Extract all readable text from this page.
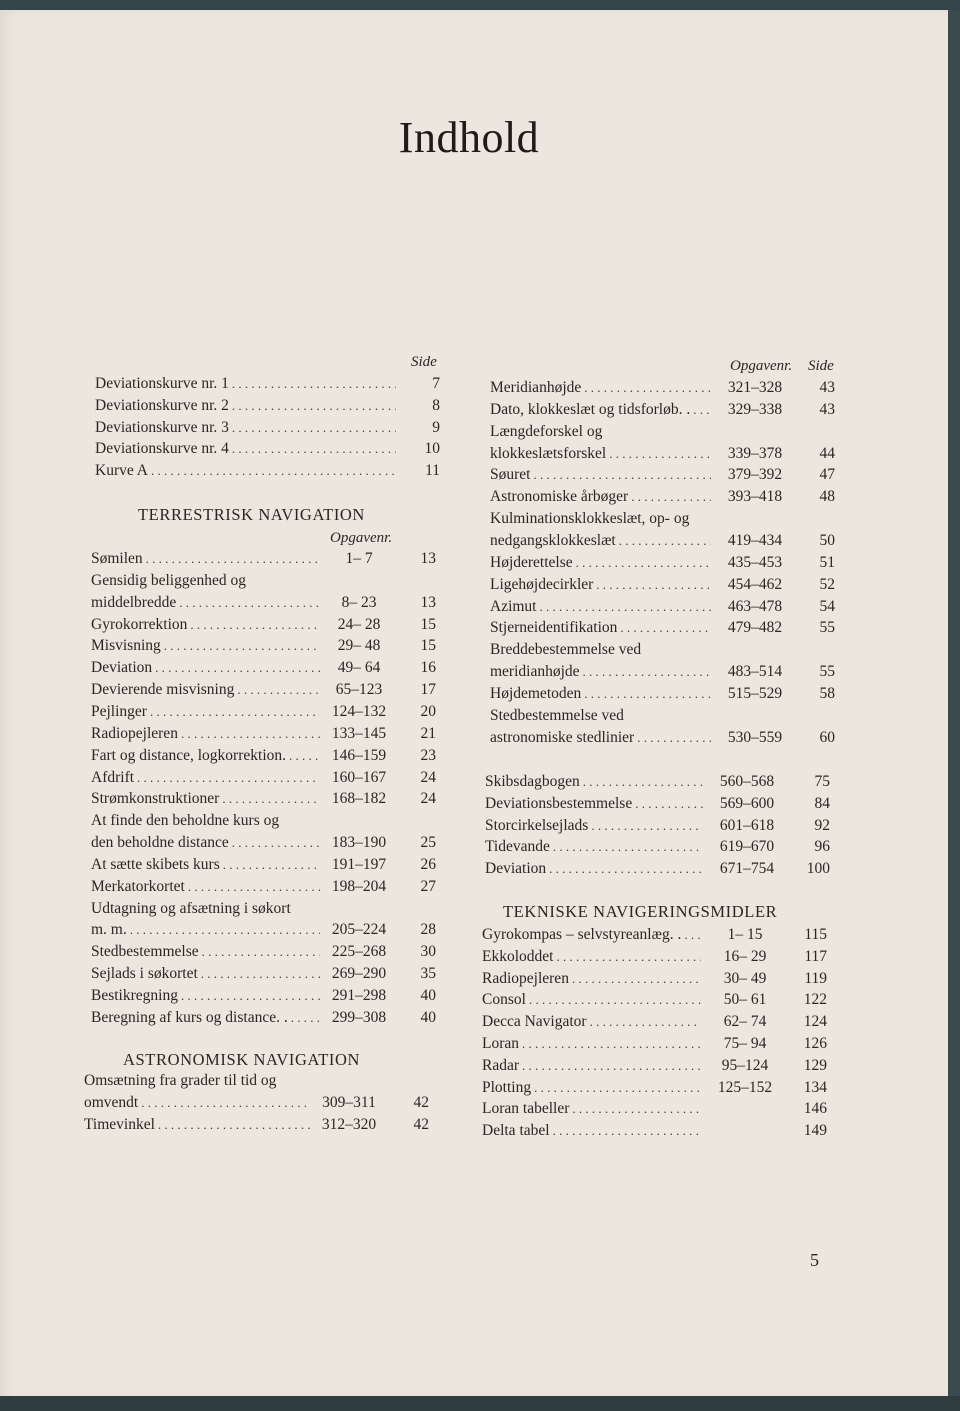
Indhold
Side
Deviationskurve nr. 1 . . .	7
Deviationskurve nr. 2 . . .	8
Deviationskurve nr. 3 . . .	9
Deviationskurve nr. 4 . . .	10
Kurve A . . .	11
TERRESTRISK NAVIGATION
Opgavenr.
Sømilen . . .	1– 7	13
Gensidig beliggenhed og
middelbredde . . .	8– 23	13
Gyrokorrektion . . .	24– 28	15
Misvisning . . .	29– 48	15
Deviation . . .	49– 64	16
Devierende misvisning . . .	65–123	17
Pejlinger . . .	124–132	20
Radiopejleren . . .	133–145	21
Fart og distance, logkorrektion. . . .	146–159	23
Afdrift . . .	160–167	24
Strømkonstruktioner . . .	168–182	24
At finde den beholdne kurs og
den beholdne distance . . .	183–190	25
At sætte skibets kurs . . .	191–197	26
Merkatorkortet . . .	198–204	27
Udtagning og afsætning i søkort
m. m. . . .	205–224	28
Stedbestemmelse . . .	225–268	30
Sejlads i søkortet . . .	269–290	35
Bestikregning . . .	291–298	40
Beregning af kurs og distance. . . . .	299–308	40
ASTRONOMISK NAVIGATION
Omsætning fra grader til tid og
omvendt . . .	309–311	42
Timevinkel . . .	312–320	42
Opgavenr. Side
Meridianhøjde . . .	321–328	43
Dato, klokkeslæt og tidsforløb. . . . .	329–338	43
Længdeforskel og
klokkeslætsforskel . . .	339–378	44
Søuret . . .	379–392	47
Astronomiske årbøger . . .	393–418	48
Kulminationsklokkeslæt, op- og
nedgangsklokkeslæt . . .	419–434	50
Højderettelse . . .	435–453	51
Ligehøjdecirkler . . .	454–462	52
Azimut . . .	463–478	54
Stjerneidentifikation . . .	479–482	55
Breddebestemmelse ved
meridianhøjde . . .	483–514	55
Højdemetoden . . .	515–529	58
Stedbestemmelse ved
astronomiske stedlinier . . .	530–559	60
Skibsdagbogen . . .	560–568	75
Deviationsbestemmelse . . .	569–600	84
Storcirkelsejlads . . .	601–618	92
Tidevande . . .	619–670	96
Deviation . . .	671–754	100
TEKNISKE NAVIGERINGSMIDLER
Gyrokompas – selvstyreanlæg. . . . .	1– 15	115
Ekkoloddet . . .	16– 29	117
Radiopejleren . . .	30– 49	119
Consol . . .	50– 61	122
Decca Navigator . . .	62– 74	124
Loran . . .	75– 94	126
Radar . . .	95–124	129
Plotting . . .	125–152	134
Loran tabeller . . .	146
Delta tabel . . .	149
5
